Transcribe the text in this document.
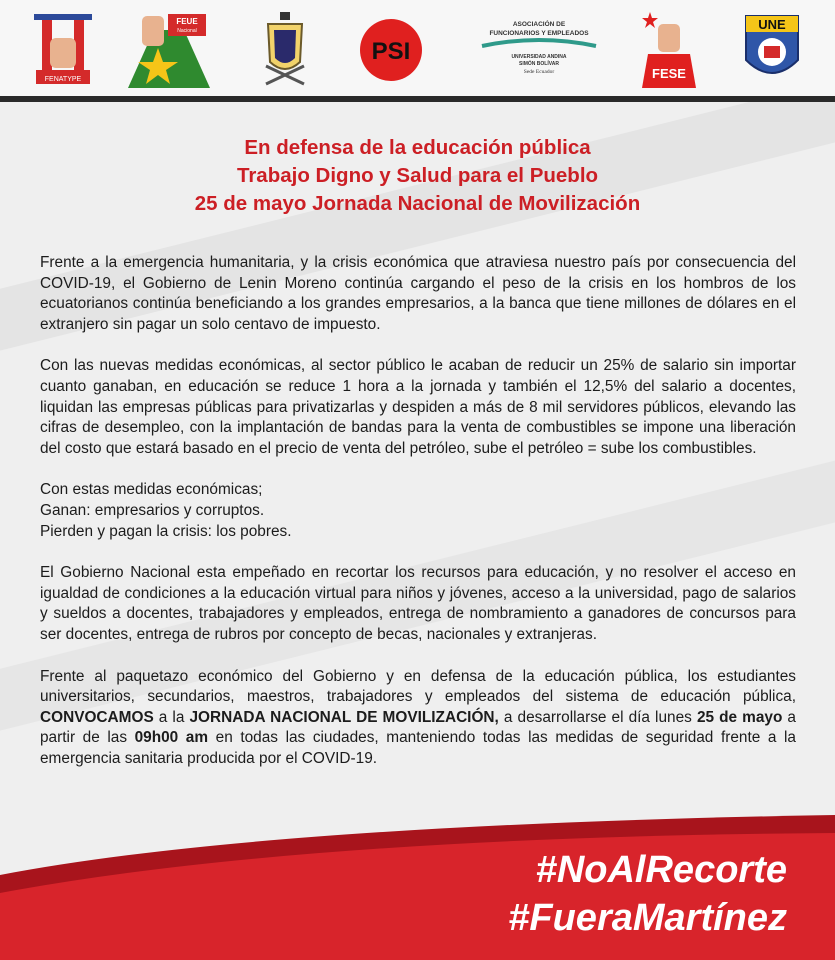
FENATYPE
FEUE
Nacional
PSI
ASOCIACIÓN DE
FUNCIONARIOS Y EMPLEADOS
UNIVERSIDAD ANDINA
SIMÓN BOLÍVAR
Sede Ecuador	FESE
UNE
En defensa de la educación pública
Trabajo Digno y Salud para el Pueblo
25 de mayo Jornada Nacional de Movilización

Frente a la emergencia humanitaria, y la crisis económica que atraviesa nuestro país por consecuencia del COVID-19, el Gobierno de Lenin Moreno continúa cargando el peso de la crisis en los hombros de los ecuatorianos continúa beneficiando a los grandes empresarios, a la banca que tiene millones de dólares en el extranjero sin pagar un solo centavo de impuesto.

Con las nuevas medidas económicas, al sector público le acaban de reducir un 25% de salario sin importar cuanto ganaban, en educación se reduce 1 hora a la jornada y también el 12,5% del salario a docentes, liquidan las empresas públicas para privatizarlas y despiden a más de 8 mil servidores públicos, elevando las cifras de desempleo, con la implantación de bandas para la venta de combustibles se impone una liberación del costo que estará basado en el precio de venta del petróleo, sube el petróleo = sube los combustibles.

Con estas medidas económicas;
Ganan: empresarios y corruptos.
Pierden y pagan la crisis: los pobres.

El Gobierno Nacional esta empeñado en recortar los recursos para educación, y no resolver el acceso en igualdad de condiciones a la educación virtual para niños y jóvenes, acceso a la universidad, pago de salarios y sueldos a docentes, trabajadores y empleados, entrega de nombramiento a ganadores de concursos para ser docentes, entrega de rubros por concepto de becas, nacionales y extranjeras.

Frente al paquetazo económico del Gobierno y en defensa de la educación pública, los estudiantes universitarios, secundarios, maestros, trabajadores y empleados del sistema de educación pública, CONVOCAMOS a la JORNADA NACIONAL DE MOVILIZACIÓN, a desarrollarse el día lunes 25 de mayo a partir de las 09h00 am en todas las ciudades, manteniendo todas las medidas de seguridad frente a la emergencia sanitaria producida por el COVID-19.

#NoAlRecorte
#FueraMartínez
